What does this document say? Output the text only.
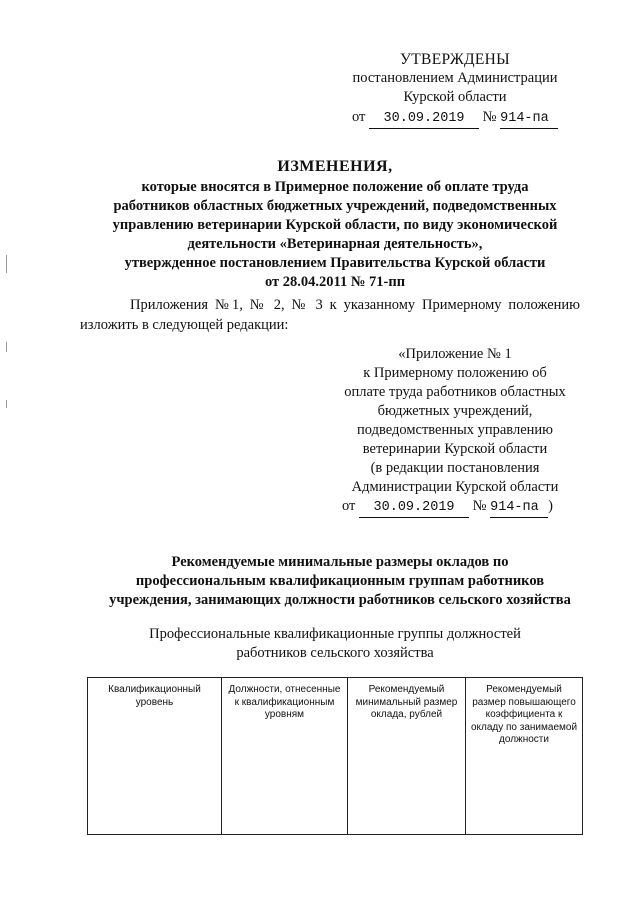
УТВЕРЖДЕНЫ
постановлением Администрации
Курской области
от 30.09.2019 № 914-па
ИЗМЕНЕНИЯ,
которые вносятся в Примерное положение об оплате труда
работников областных бюджетных учреждений, подведомственных
управлению ветеринарии Курской области, по виду экономической
деятельности «Ветеринарная деятельность»,
утвержденное постановлением Правительства Курской области
от 28.04.2011 № 71-пп
Приложения №1, № 2, № 3 к указанному Примерному положению изложить в следующей редакции:
«Приложение № 1
к Примерному положению об
оплате труда работников областных
бюджетных учреждений,
подведомственных управлению
ветеринарии Курской области
(в редакции постановления
Администрации Курской области
от 30.09.2019 № 914-па )
Рекомендуемые минимальные размеры окладов по
профессиональным квалификационным группам работников
учреждения, занимающих должности работников сельского хозяйства
Профессиональные квалификационные группы должностей
работников сельского хозяйства
Квалификационный уровень	Должности, отнесенные к квалификационным уровням	Рекомендуемый минимальный размер оклада, рублей	Рекомендуемый размер повышающего коэффициента к окладу по занимаемой должности
